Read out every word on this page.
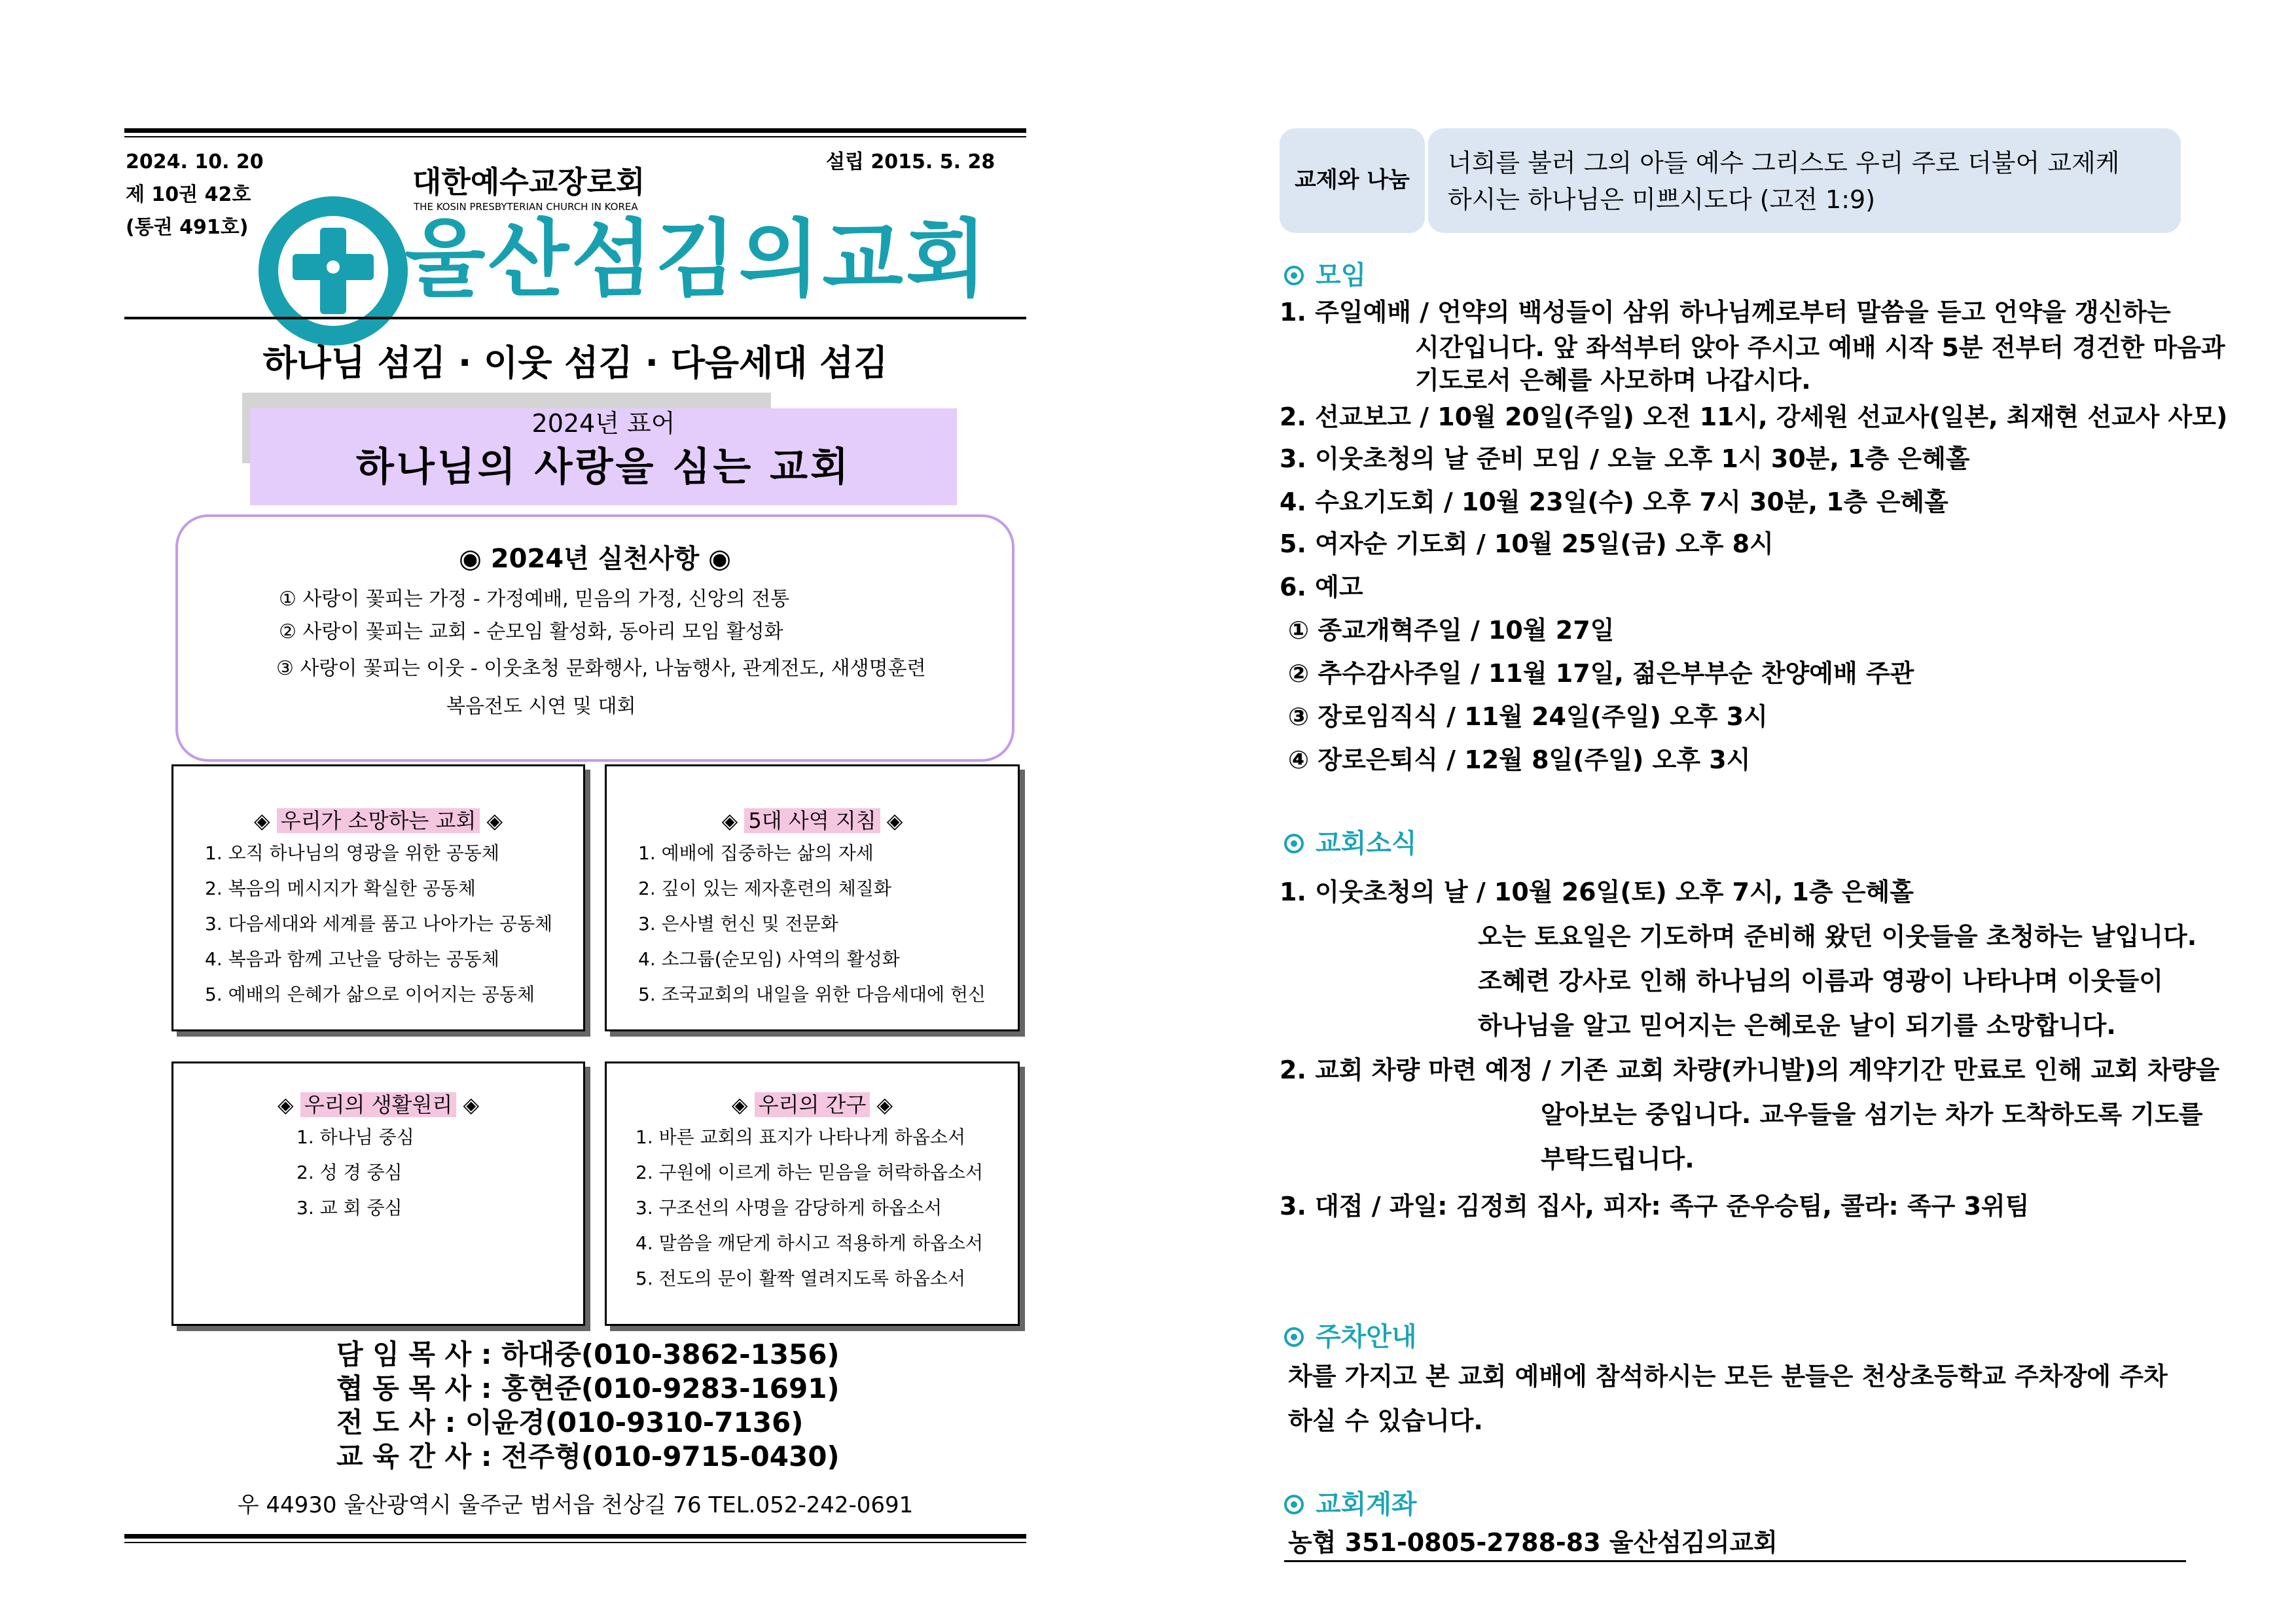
2024. 10. 20
제 10권 42호
(통권 491호)
설립 2015. 5. 28
대한예수교장로회
THE KOSIN PRESBYTERIAN CHURCH IN KOREA
울산섬김의교회
하나님 섬김 · 이웃 섬김 · 다음세대 섬김
2024년 표어
하나님의 사랑을 심는 교회
◉ 2024년 실천사항 ◉
① 사랑이 꽃피는 가정 - 가정예배, 믿음의 가정, 신앙의 전통
② 사랑이 꽃피는 교회 - 순모임 활성화, 동아리 모임 활성화
③ 사랑이 꽃피는 이웃 - 이웃초청 문화행사, 나눔행사, 관계전도, 새생명훈련
복음전도 시연 및 대회
◈ 우리가 소망하는 교회 ◈
1. 오직 하나님의 영광을 위한 공동체
2. 복음의 메시지가 확실한 공동체
3. 다음세대와 세계를 품고 나아가는 공동체
4. 복음과 함께 고난을 당하는 공동체
5. 예배의 은혜가 삶으로 이어지는 공동체
◈ 5대 사역 지침 ◈
1. 예배에 집중하는 삶의 자세
2. 깊이 있는 제자훈련의 체질화
3. 은사별 헌신 및 전문화
4. 소그룹(순모임) 사역의 활성화
5. 조국교회의 내일을 위한 다음세대에 헌신
◈ 우리의 생활원리 ◈
1. 하나님 중심
2. 성 경 중심
3. 교 회 중심
◈ 우리의 간구 ◈
1. 바른 교회의 표지가 나타나게 하옵소서
2. 구원에 이르게 하는 믿음을 허락하옵소서
3. 구조선의 사명을 감당하게 하옵소서
4. 말씀을 깨닫게 하시고 적용하게 하옵소서
5. 전도의 문이 활짝 열려지도록 하옵소서
담 임 목 사 : 하대중(010-3862-1356)
협 동 목 사 : 홍현준(010-9283-1691)
전 도 사 : 이윤경(010-9310-7136)
교 육 간 사 : 전주형(010-9715-0430)
우 44930 울산광역시 울주군 범서읍 천상길 76 TEL.052-242-0691
교제와 나눔
너희를 불러 그의 아들 예수 그리스도 우리 주로 더불어 교제케
하시는 하나님은 미쁘시도다 (고전 1:9)
모임
1. 주일예배 / 언약의 백성들이 삼위 하나님께로부터 말씀을 듣고 언약을 갱신하는
시간입니다. 앞 좌석부터 앉아 주시고 예배 시작 5분 전부터 경건한 마음과
기도로서 은혜를 사모하며 나갑시다.
2. 선교보고 / 10월 20일(주일) 오전 11시, 강세원 선교사(일본, 최재현 선교사 사모)
3. 이웃초청의 날 준비 모임 / 오늘 오후 1시 30분, 1층 은혜홀
4. 수요기도회 / 10월 23일(수) 오후 7시 30분, 1층 은혜홀
5. 여자순 기도회 / 10월 25일(금) 오후 8시
6. 예고
① 종교개혁주일 / 10월 27일
② 추수감사주일 / 11월 17일, 젊은부부순 찬양예배 주관
③ 장로임직식 / 11월 24일(주일) 오후 3시
④ 장로은퇴식 / 12월 8일(주일) 오후 3시
교회소식
1. 이웃초청의 날 / 10월 26일(토) 오후 7시, 1층 은혜홀
오는 토요일은 기도하며 준비해 왔던 이웃들을 초청하는 날입니다.
조혜련 강사로 인해 하나님의 이름과 영광이 나타나며 이웃들이
하나님을 알고 믿어지는 은혜로운 날이 되기를 소망합니다.
2. 교회 차량 마련 예정 / 기존 교회 차량(카니발)의 계약기간 만료로 인해 교회 차량을
알아보는 중입니다. 교우들을 섬기는 차가 도착하도록 기도를
부탁드립니다.
3. 대접 / 과일: 김정희 집사, 피자: 족구 준우승팀, 콜라: 족구 3위팀
주차안내
차를 가지고 본 교회 예배에 참석하시는 모든 분들은 천상초등학교 주차장에 주차
하실 수 있습니다.
교회계좌
농협 351-0805-2788-83 울산섬김의교회
